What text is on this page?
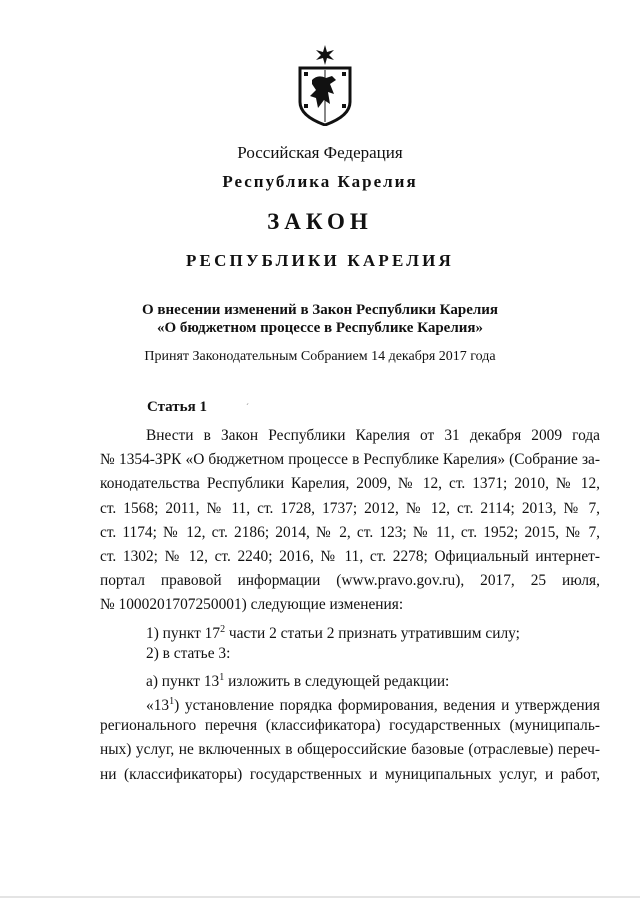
Российская Федерация
Республика Карелия
ЗАКОН
РЕСПУБЛИКИ КАРЕЛИЯ
О внесении изменений в Закон Республики Карелия
«О бюджетном процессе в Республике Карелия»
Принят Законодательным Собранием 14 декабря 2017 года
Статья 1	´
Внести в Закон Республики Карелия от 31 декабря 2009 года
№ 1354-ЗРК «О бюджетном процессе в Республике Карелия» (Собрание за-
конодательства Республики Карелия, 2009, № 12, ст. 1371; 2010, № 12,
ст. 1568; 2011, № 11, ст. 1728, 1737; 2012, № 12, ст. 2114; 2013, № 7,
ст. 1174; № 12, ст. 2186; 2014, № 2, ст. 123; № 11, ст. 1952; 2015, № 7,
ст. 1302; № 12, ст. 2240; 2016, № 11, ст. 2278; Официальный интернет-
портал правовой информации (www.pravo.gov.ru), 2017, 25 июля,
№ 1000201707250001) следующие изменения:
1) пункт $17^2$ части 2 статьи 2 признать утратившим силу;
2) в статье 3:
а) пункт $13^1$ изложить в следующей редакции:
«$13^1$) установление порядка формирования, ведения и утверждения
регионального перечня (классификатора) государственных (муниципаль-
ных) услуг, не включенных в общероссийские базовые (отраслевые) переч-
ни (классификаторы) государственных и муниципальных услуг, и работ,
